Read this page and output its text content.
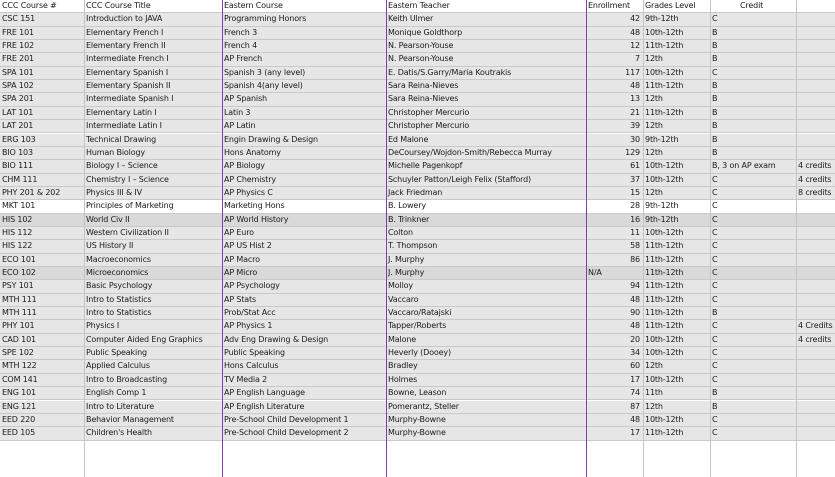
CCC Course #	CCC Course Title	Eastern Course	Eastern Teacher	Enrollment	Grades Level	Credit
CSC 151	Introduction to JAVA	Programming Honors	Keith Ulmer	42 9th-12th	C
FRE 101	Elementary French I	French 3	Monique Goldthorp	48 10th-12th	B
FRE 102	Elementary French II	French 4	N. Pearson-Youse	12 11th-12th	B
FRE 201	Intermediate French I	AP French	N. Pearson-Youse	7 12th	B
SPA 101	Elementary Spanish I	Spanish 3 (any level)	E. Datis/S.Garry/Maria Koutrakis	117 10th-12th	C
SPA 102	Elementary Spanish II	Spanish 4(any level)	Sara Reina-Nieves	48 11th-12th	B
SPA 201	Intermediate Spanish I	AP Spanish	Sara Reina-Nieves	13 12th	B
LAT 101	Elementary Latin I	Latin 3	Christopher Mercurio	21 11th-12th	B
LAT 201	Intermediate Latin I	AP Latin	Christopher Mercurio	39 12th	B
ERG 103	Technical Drawing	Engin Drawing & Design	Ed Malone	30 9th-12th	B
BIO 103	Human Biology	Hons Anatomy	DeCoursey/Wojdon-Smith/Rebecca Murray	129 12th	B
BIO 111	Biology I – Science	AP Biology	Michelle Pagenkopf	61 10th-12th	B, 3 on AP exam	4 credits
CHM 111	Chemistry I – Science	AP Chemistry	Schuyler Patton/Leigh Felix (Stafford)	37 10th-12th	C	4 credits
PHY 201 & 202	Physics III & IV	AP Physics C	Jack Friedman	15 12th	C	8 credits
MKT 101	Principles of Marketing	Marketing Hons	B. Lowery	28 9th-12th	C
HIS 102	World Civ II	AP World History	B. Trinkner	16 9th-12th	C
HIS 112	Western Civilization II	AP Euro	Colton	11 10th-12th	C
HIS 122	US History II	AP US Hist 2	T. Thompson	58 11th-12th	C
ECO 101	Macroeconomics	AP Macro	J. Murphy	86 11th-12th	C
ECO 102	Microeconomics	AP Micro	J. Murphy	N/A	11th-12th	C
PSY 101	Basic Psychology	AP Psychology	Molloy	94 11th-12th	C
MTH 111	Intro to Statistics	AP Stats	Vaccaro	48 11th-12th	C
MTH 111	Intro to Statistics	Prob/Stat Acc	Vaccaro/Ratajski	90 11th-12th	B
PHY 101	Physics I	AP Physics 1	Tapper/Roberts	48 11th-12th	C	4 Credits
CAD 101	Computer Aided Eng Graphics	Adv Eng Drawing & Design	Malone	20 10th-12th	C	4 credits
SPE 102	Public Speaking	Public Speaking	Heverly (Dooey)	34 10th-12th	C
MTH 122	Applied Calculus	Hons Calculus	Bradley	60 12th	C
COM 141	Intro to Broadcasting	TV Media 2	Holmes	17 10th-12th	C
ENG 101	English Comp 1	AP English Language	Bowne, Leason	74 11th	B
ENG 121	Intro to Literature	AP English Literature	Pomerantz, Steller	87 12th	B
EED 220	Behavior Management	Pre-School Child Development 1	Murphy-Bowne	48 10th-12th	C
EED 105	Children's Health	Pre-School Child Development 2	Murphy-Bowne	17 11th-12th	C
